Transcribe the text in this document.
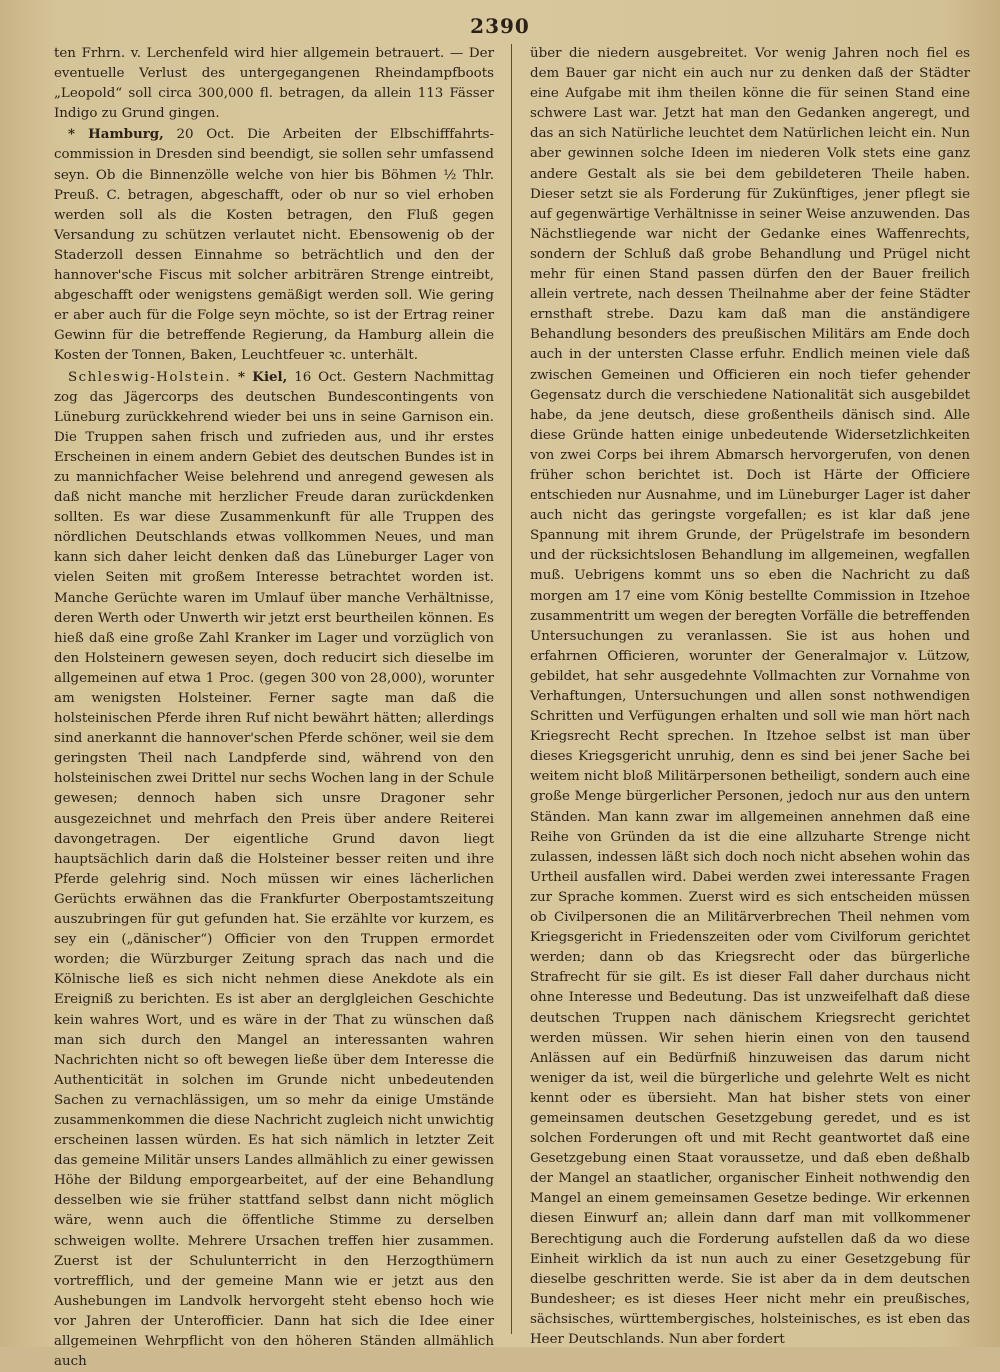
2390

ten Frhrn. v. Lerchenfeld wird hier allgemein betrauert. — Der eventuelle Verlust des untergegangenen Rheindampfboots „Leopold“ soll circa 300,000 fl. betragen, da allein 113 Fässer Indigo zu Grund gingen.

* Hamburg, 20 Oct. Die Arbeiten der Elbschifffahrtscommission in Dresden sind beendigt, sie sollen sehr umfassend seyn. Ob die Binnenzölle welche von hier bis Böhmen ½ Thlr. Preuß. C. betragen, abgeschafft, oder ob nur so viel erhoben werden soll als die Kosten betragen, den Fluß gegen Versandung zu schützen verlautet nicht. Ebensowenig ob der Staderzoll dessen Einnahme so beträchtlich und den der hannover'sche Fiscus mit solcher arbiträren Strenge eintreibt, abgeschafft oder wenigstens gemäßigt werden soll. Wie gering er aber auch für die Folge seyn möchte, so ist der Ertrag reiner Gewinn für die betreffende Regierung, da Hamburg allein die Kosten der Tonnen, Baken, Leuchtfeuer ꝛc. unterhält.

Schleswig-Holstein. * Kiel, 16 Oct. Gestern Nachmittag zog das Jägercorps des deutschen Bundescontingents von Lüneburg zurückkehrend wieder bei uns in seine Garnison ein. Die Truppen sahen frisch und zufrieden aus, und ihr erstes Erscheinen in einem andern Gebiet des deutschen Bundes ist in zu mannichfacher Weise belehrend und anregend gewesen als daß nicht manche mit herzlicher Freude daran zurückdenken sollten. Es war diese Zusammenkunft für alle Truppen des nördlichen Deutschlands etwas vollkommen Neues, und man kann sich daher leicht denken daß das Lüneburger Lager von vielen Seiten mit großem Interesse betrachtet worden ist. Manche Gerüchte waren im Umlauf über manche Verhältnisse, deren Werth oder Unwerth wir jetzt erst beurtheilen können. Es hieß daß eine große Zahl Kranker im Lager und vorzüglich von den Holsteinern gewesen seyen, doch reducirt sich dieselbe im allgemeinen auf etwa 1 Proc. (gegen 300 von 28,000), worunter am wenigsten Holsteiner. Ferner sagte man daß die holsteinischen Pferde ihren Ruf nicht bewährt hätten; allerdings sind anerkannt die hannover'schen Pferde schöner, weil sie dem geringsten Theil nach Landpferde sind, während von den holsteinischen zwei Drittel nur sechs Wochen lang in der Schule gewesen; dennoch haben sich unsre Dragoner sehr ausgezeichnet und mehrfach den Preis über andere Reiterei davongetragen. Der eigentliche Grund davon liegt hauptsächlich darin daß die Holsteiner besser reiten und ihre Pferde gelehrig sind. Noch müssen wir eines lächerlichen Gerüchts erwähnen das die Frankfurter Oberpostamtszeitung auszubringen für gut gefunden hat. Sie erzählte vor kurzem, es sey ein („dänischer“) Officier von den Truppen ermordet worden; die Würzburger Zeitung sprach das nach und die Kölnische ließ es sich nicht nehmen diese Anekdote als ein Ereigniß zu berichten. Es ist aber an derglgleichen Geschichte kein wahres Wort, und es wäre in der That zu wünschen daß man sich durch den Mangel an interessanten wahren Nachrichten nicht so oft bewegen ließe über dem Interesse die Authenticität in solchen im Grunde nicht unbedeutenden Sachen zu vernachlässigen, um so mehr da einige Umstände zusammenkommen die diese Nachricht zugleich nicht unwichtig erscheinen lassen würden. Es hat sich nämlich in letzter Zeit das gemeine Militär unsers Landes allmählich zu einer gewissen Höhe der Bildung emporgearbeitet, auf der eine Behandlung desselben wie sie früher stattfand selbst dann nicht möglich wäre, wenn auch die öffentliche Stimme zu derselben schweigen wollte. Mehrere Ursachen treffen hier zusammen. Zuerst ist der Schulunterricht in den Herzogthümern vortrefflich, und der gemeine Mann wie er jetzt aus den Aushebungen im Landvolk hervorgeht steht ebenso hoch wie vor Jahren der Unterofficier. Dann hat sich die Idee einer allgemeinen Wehrpflicht von den höheren Ständen allmählich auch

über die niedern ausgebreitet. Vor wenig Jahren noch fiel es dem Bauer gar nicht ein auch nur zu denken daß der Städter eine Aufgabe mit ihm theilen könne die für seinen Stand eine schwere Last war. Jetzt hat man den Gedanken angeregt, und das an sich Natürliche leuchtet dem Natürlichen leicht ein. Nun aber gewinnen solche Ideen im niederen Volk stets eine ganz andere Gestalt als sie bei dem gebildeteren Theile haben. Dieser setzt sie als Forderung für Zukünftiges, jener pflegt sie auf gegenwärtige Verhältnisse in seiner Weise anzuwenden. Das Nächstliegende war nicht der Gedanke eines Waffenrechts, sondern der Schluß daß grobe Behandlung und Prügel nicht mehr für einen Stand passen dürfen den der Bauer freilich allein vertrete, nach dessen Theilnahme aber der feine Städter ernsthaft strebe. Dazu kam daß man die anständigere Behandlung besonders des preußischen Militärs am Ende doch auch in der untersten Classe erfuhr. Endlich meinen viele daß zwischen Gemeinen und Officieren ein noch tiefer gehender Gegensatz durch die verschiedene Nationalität sich ausgebildet habe, da jene deutsch, diese großentheils dänisch sind. Alle diese Gründe hatten einige unbedeutende Widersetzlichkeiten von zwei Corps bei ihrem Abmarsch hervorgerufen, von denen früher schon berichtet ist. Doch ist Härte der Officiere entschieden nur Ausnahme, und im Lüneburger Lager ist daher auch nicht das geringste vorgefallen; es ist klar daß jene Spannung mit ihrem Grunde, der Prügelstrafe im besondern und der rücksichtslosen Behandlung im allgemeinen, wegfallen muß. Uebrigens kommt uns so eben die Nachricht zu daß morgen am 17 eine vom König bestellte Commission in Itzehoe zusammentritt um wegen der beregten Vorfälle die betreffenden Untersuchungen zu veranlassen. Sie ist aus hohen und erfahrnen Officieren, worunter der Generalmajor v. Lützow, gebildet, hat sehr ausgedehnte Vollmachten zur Vornahme von Verhaftungen, Untersuchungen und allen sonst nothwendigen Schritten und Verfügungen erhalten und soll wie man hört nach Kriegsrecht Recht sprechen. In Itzehoe selbst ist man über dieses Kriegsgericht unruhig, denn es sind bei jener Sache bei weitem nicht bloß Militärpersonen betheiligt, sondern auch eine große Menge bürgerlicher Personen, jedoch nur aus den untern Ständen. Man kann zwar im allgemeinen annehmen daß eine Reihe von Gründen da ist die eine allzuharte Strenge nicht zulassen, indessen läßt sich doch noch nicht absehen wohin das Urtheil ausfallen wird. Dabei werden zwei interessante Fragen zur Sprache kommen. Zuerst wird es sich entscheiden müssen ob Civilpersonen die an Militärverbrechen Theil nehmen vom Kriegsgericht in Friedenszeiten oder vom Civilforum gerichtet werden; dann ob das Kriegsrecht oder das bürgerliche Strafrecht für sie gilt. Es ist dieser Fall daher durchaus nicht ohne Interesse und Bedeutung. Das ist unzweifelhaft daß diese deutschen Truppen nach dänischem Kriegsrecht gerichtet werden müssen. Wir sehen hierin einen von den tausend Anlässen auf ein Bedürfniß hinzuweisen das darum nicht weniger da ist, weil die bürgerliche und gelehrte Welt es nicht kennt oder es übersieht. Man hat bisher stets von einer gemeinsamen deutschen Gesetzgebung geredet, und es ist solchen Forderungen oft und mit Recht geantwortet daß eine Gesetzgebung einen Staat voraussetze, und daß eben deßhalb der Mangel an staatlicher, organischer Einheit nothwendig den Mangel an einem gemeinsamen Gesetze bedinge. Wir erkennen diesen Einwurf an; allein dann darf man mit vollkommener Berechtigung auch die Forderung aufstellen daß da wo diese Einheit wirklich da ist nun auch zu einer Gesetzgebung für dieselbe geschritten werde. Sie ist aber da in dem deutschen Bundesheer; es ist dieses Heer nicht mehr ein preußisches, sächsisches, württembergisches, holsteinisches, es ist eben das Heer Deutschlands. Nun aber fordert
